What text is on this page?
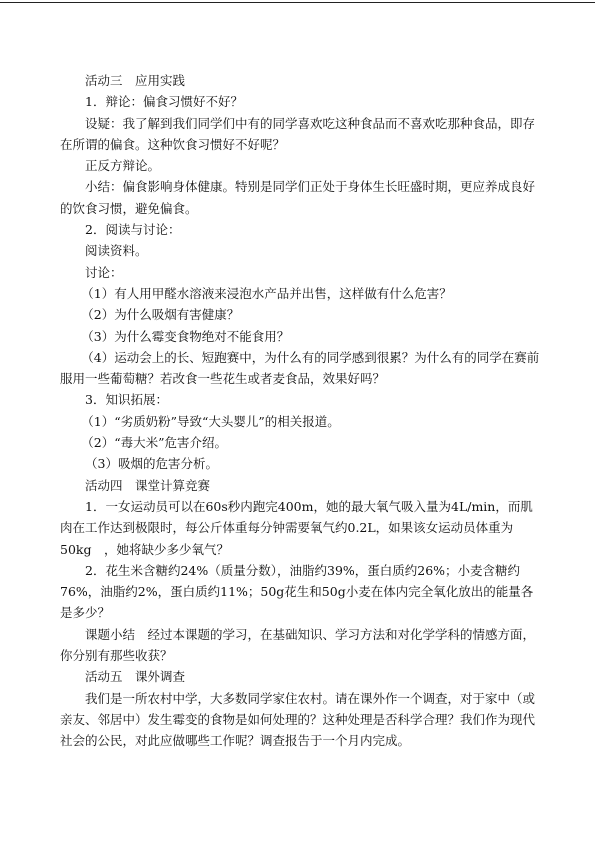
活动三　应用实践

1．辩论：偏食习惯好不好？

设疑：我了解到我们同学们中有的同学喜欢吃这种食品而不喜欢吃那种食品，即存在所谓的偏食。这种饮食习惯好不好呢？

正反方辩论。

小结：偏食影响身体健康。特别是同学们正处于身体生长旺盛时期，更应养成良好的饮食习惯，避免偏食。

2．阅读与讨论：

阅读资料。

讨论：

（1）有人用甲醛水溶液来浸泡水产品并出售，这样做有什么危害？

（2）为什么吸烟有害健康？

（3）为什么霉变食物绝对不能食用？

（4）运动会上的长、短跑赛中，为什么有的同学感到很累？为什么有的同学在赛前服用一些葡萄糖？若改食一些花生或者麦食品，效果好吗？

3．知识拓展：

（1）“劣质奶粉”导致“大头婴儿”的相关报道。

（2）“毒大米”危害介绍。

（3）吸烟的危害分析。

活动四　课堂计算竞赛

1．一女运动员可以在60s秒内跑完400m，她的最大氧气吸入量为4L/min，而肌肉在工作达到极限时，每公斤体重每分钟需要氧气约0.2L，如果该女运动员体重为50kg　，她将缺少多少氧气？

2．花生米含糖约24%（质量分数），油脂约39%，蛋白质约26%；小麦含糖约76%，油脂约2%，蛋白质约11%；50g花生和50g小麦在体内完全氧化放出的能量各是多少？

课题小结　经过本课题的学习，在基础知识、学习方法和对化学学科的情感方面，你分别有那些收获？

活动五　课外调查

我们是一所农村中学，大多数同学家住农村。请在课外作一个调查，对于家中（或亲友、邻居中）发生霉变的食物是如何处理的？这种处理是否科学合理？我们作为现代社会的公民，对此应做哪些工作呢？调查报告于一个月内完成。
